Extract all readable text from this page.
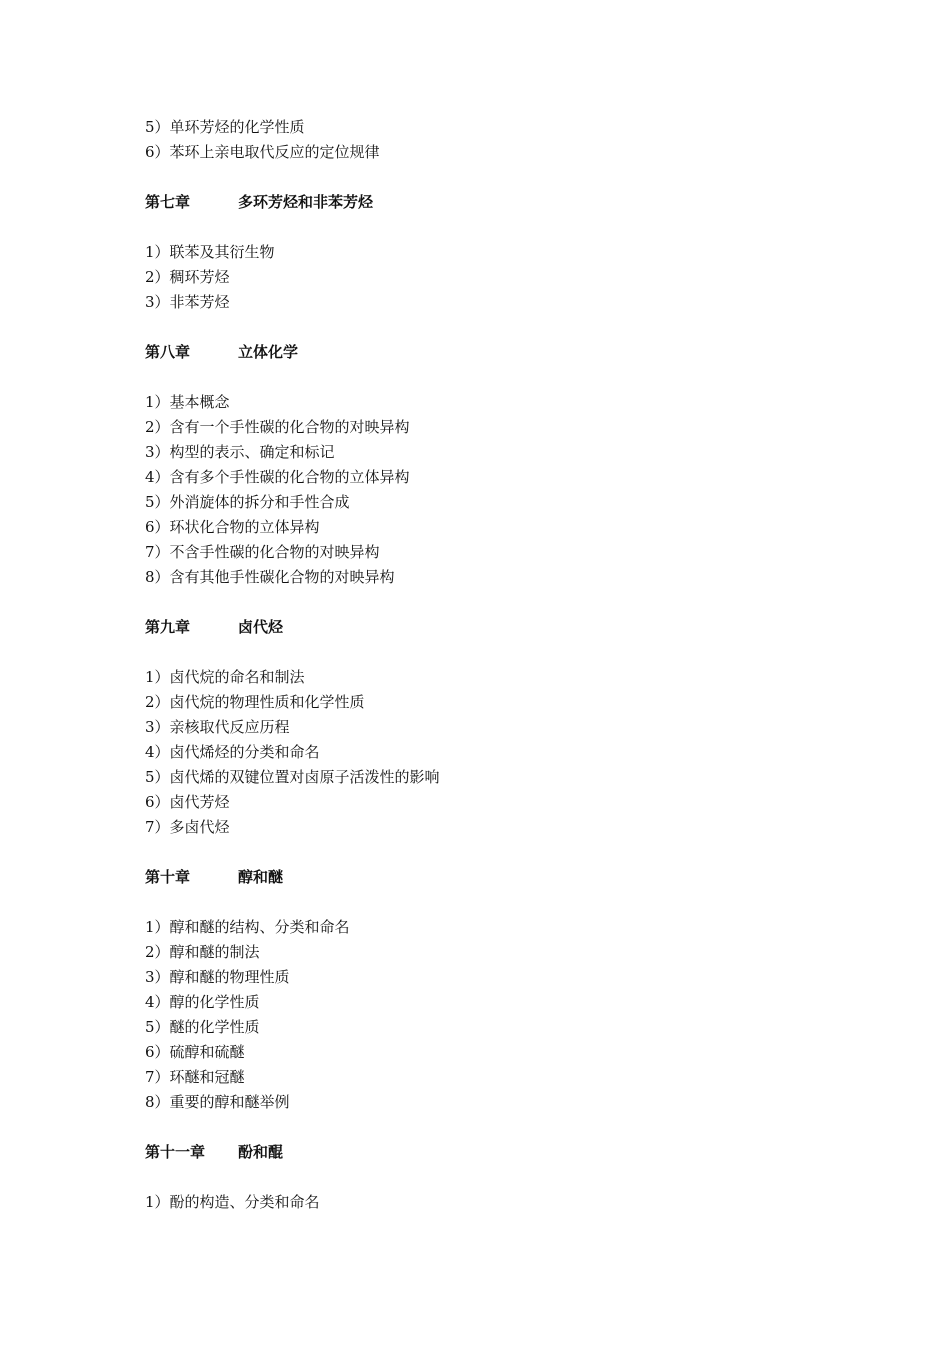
5）单环芳烃的化学性质
6）苯环上亲电取代反应的定位规律
第七章	多环芳烃和非苯芳烃
1）联苯及其衍生物
2）稠环芳烃
3）非苯芳烃
第八章	立体化学
1）基本概念
2）含有一个手性碳的化合物的对映异构
3）构型的表示、确定和标记
4）含有多个手性碳的化合物的立体异构
5）外消旋体的拆分和手性合成
6）环状化合物的立体异构
7）不含手性碳的化合物的对映异构
8）含有其他手性碳化合物的对映异构
第九章	卤代烃
1）卤代烷的命名和制法
2）卤代烷的物理性质和化学性质
3）亲核取代反应历程
4）卤代烯烃的分类和命名
5）卤代烯的双键位置对卤原子活泼性的影响
6）卤代芳烃
7）多卤代烃
第十章	醇和醚
1）醇和醚的结构、分类和命名
2）醇和醚的制法
3）醇和醚的物理性质
4）醇的化学性质
5）醚的化学性质
6）硫醇和硫醚
7）环醚和冠醚
8）重要的醇和醚举例
第十一章 酚和醌
1）酚的构造、分类和命名
